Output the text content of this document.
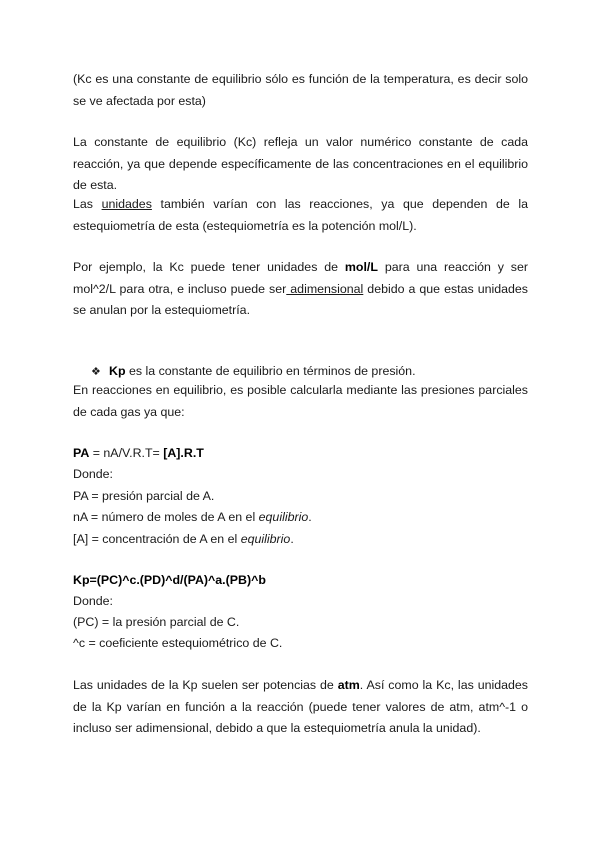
(Kc es una constante de equilibrio sólo es función de la temperatura, es decir solo se ve afectada por esta)

La constante de equilibrio (Kc) refleja un valor numérico constante de cada reacción, ya que depende específicamente de las concentraciones en el equilibrio de esta.

Las unidades también varían con las reacciones, ya que dependen de la estequiometría de esta (estequiometría es la potención mol/L).

Por ejemplo, la Kc puede tener unidades de mol/L para una reacción y ser mol^2/L para otra, e incluso puede ser adimensional debido a que estas unidades se anulan por la estequiometría.

❖ Kp es la constante de equilibrio en términos de presión.

En reacciones en equilibrio, es posible calcularla mediante las presiones parciales de cada gas ya que:

PA = nA/V.R.T= [A].R.T

Donde:

PA = presión parcial de A.

nA = número de moles de A en el equilibrio.

[A] = concentración de A en el equilibrio.

Kp=(PC)^c.(PD)^d/(PA)^a.(PB)^b

Donde:

(PC) = la presión parcial de C.

^c = coeficiente estequiométrico de C.

Las unidades de la Kp suelen ser potencias de atm. Así como la Kc, las unidades de la Kp varían en función a la reacción (puede tener valores de atm, atm^-1 o incluso ser adimensional, debido a que la estequiometría anula la unidad).
